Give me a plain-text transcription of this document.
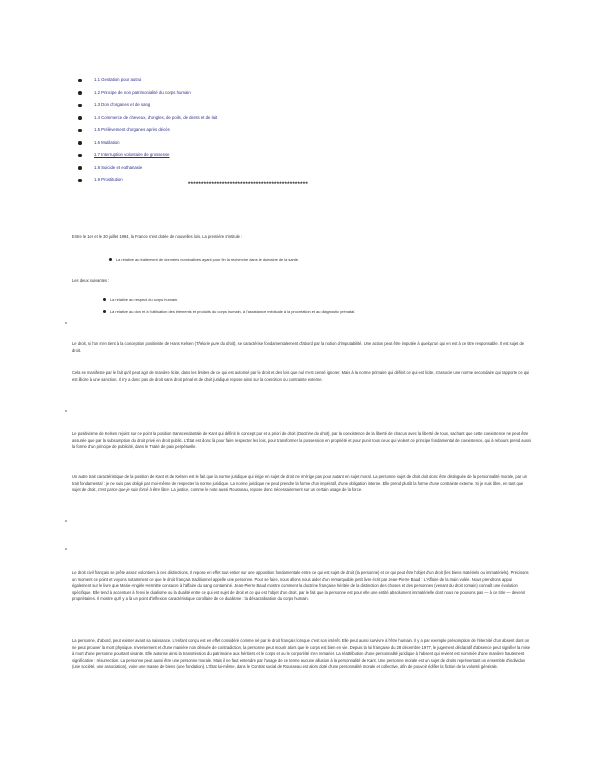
1.1 Gestation pour autrui
1.2 Principe de non patrimonialité du corps humain
1.3 Don d'organes et de sang
1.4 Commerce de cheveux, d'ongles, de poils, de dents et de lait
1.5 Prélèvement d'organes après décès
1.6 Mutilation
1.7 Interruption volontaire de grossesse
1.8 Suicide et euthanasie
1.9 Prostitution
**********************************************
Entre le 1er et le 30 juillet 1994, la France s'est dotée de nouvelles lois. La première s'intitule :
La relative au traitement de données nominatives ayant pour fin la recherche dans le domaine de la santé.
Les deux suivantes :
La relative au respect du corps humain.
La relative au don et à l'utilisation des éléments et produits du corps humain, à l'assistance médicale à la procréation et au diagnostic prénatal.
Le droit, si l'on s'en tient à la conception positiviste de Hans Kelsen (Théorie pure du droit), se caractérise fondamentalement d'abord par la notion d'imputabilité. Une action peut être imputée à quelqu'un qui en est à ce titre responsable. Il est sujet de droit.
Cela se manifeste par le fait qu'il peut agir de manière licite, dans les limites de ce qui est autorisé par le droit et des lois que nul n'est censé ignorer. Mais à la norme primaire qui définit ce qui est licite, s'associe une norme secondaire qui rapporte ce qui est illicite à une sanction. Il n'y a donc pas de droit sans droit pénal et de droit juridique repose ainsi sur la coercition ou contrainte externe.
Le positivisme de Kelsen rejoint sur ce point la position transcendantale de Kant qui définit le concept pur et a priori de droit (Doctrine du droit), par la coexistence de la liberté de chacun avec la liberté de tous, sachant que cette coexistence ne peut être assurée que par la subsomption du droit privé en droit public. L'État est donc là pour faire respecter les lois, pour transformer la possession en propriété et pour punir tous ceux qui violent ce principe fondamental de coexistence, qui à rebours prend aussi la forme d'un principe de publicité, dans le Traité de paix perpétuelle.
Un autre trait caractéristique de la position de Kant et de Kelsen est le fait que la norme juridique qui érige en sujet de droit ne m'érige pas pour autant en sujet moral. La personne sujet de droit doit donc être distinguée de la personnalité morale, par un trait fondamental : je ne suis pas obligé par moi-même de respecter la norme juridique. La norme juridique ne peut prendre la forme d'un impératif, d'une obligation interne. Elle prend plutôt la forme d'une contrainte externe. Si je suis libre, en tant que sujet de droit, c'est parce que je suis forcé à être libre. La justice, comme le note aussi Rousseau, repose donc nécessairement sur un certain usage de la force.
Le droit civil français se prête assez volontiers à ces distinctions. Il repose en effet tout entier sur une opposition fondamentale entre ce qui est sujet de droit (la personne) et ce qui peut être l'objet d'un droit (les biens matériels ou immatériels). Précisons un moment ce point et voyons notamment ce que le droit français traditionnel appelle une personne. Pour se faire, nous allons nous aider d'un remarquable petit livre écrit par Jean-Pierre Baud : L'Affaire de la main volée. Nous prendrons appui également sur le livre que Marie-Angèle Hermitte consacre à l'affaire du sang contaminé. Jean-Pierre Baud montre comment la doctrine française héritée de la distinction des choses et des personnes (venant du droit romain) connaît une évolution spécifique. Elle tend à accentuer à l'envi le dualisme ou la dualité entre ce qui est sujet de droit et ce qui est l'objet d'un droit, par le fait que la personne est pour elle une entité absolument immatérielle dont nous ne pouvons pas — à ce titre — devenir propriétaires. Il montre qu'il y a là un point d'inflexion caractéristique corollaire de ce dualisme : la désacralisation du corps humain.
La personne, d'abord, peut exister avant sa naissance. L'enfant conçu est en effet considéré comme né par le droit français lorsque c'est son intérêt. Elle peut aussi survivre à l'être humain. Il y a par exemple présomption de l'éternité d'un absent dont on ne peut prouver la mort physique. Inversement et d'une manière non dénuée de contradiction, la personne peut mourir alors que le corps est bien en vie. Depuis la loi française du 28 décembre 1977, le jugement déclaratif d'absence peut signifier la mise à mort d'une personne pourtant vivante. Elle autorise ainsi la transmission du patrimoine aux héritiers et le corps et ou le corporéité s'en remarier. La réattribution d'une personnalité juridique à l'absent qui revient est nommée d'une manière hautement significative : résurrection. La personne peut aussi être une personne morale. Mais il ne faut entendre par l'usage de ce terme aucune allusion à la personnalité de Kant. Une personne morale est un sujet de droits représentant un ensemble d'individus (une société, une association), voire une masse de biens (une fondation). L'État lui-même, dans le Contrat social de Rousseau est alors doté d'une personnalité morale et collective, afin de pouvoir édifier la fiction de la volonté générale.
